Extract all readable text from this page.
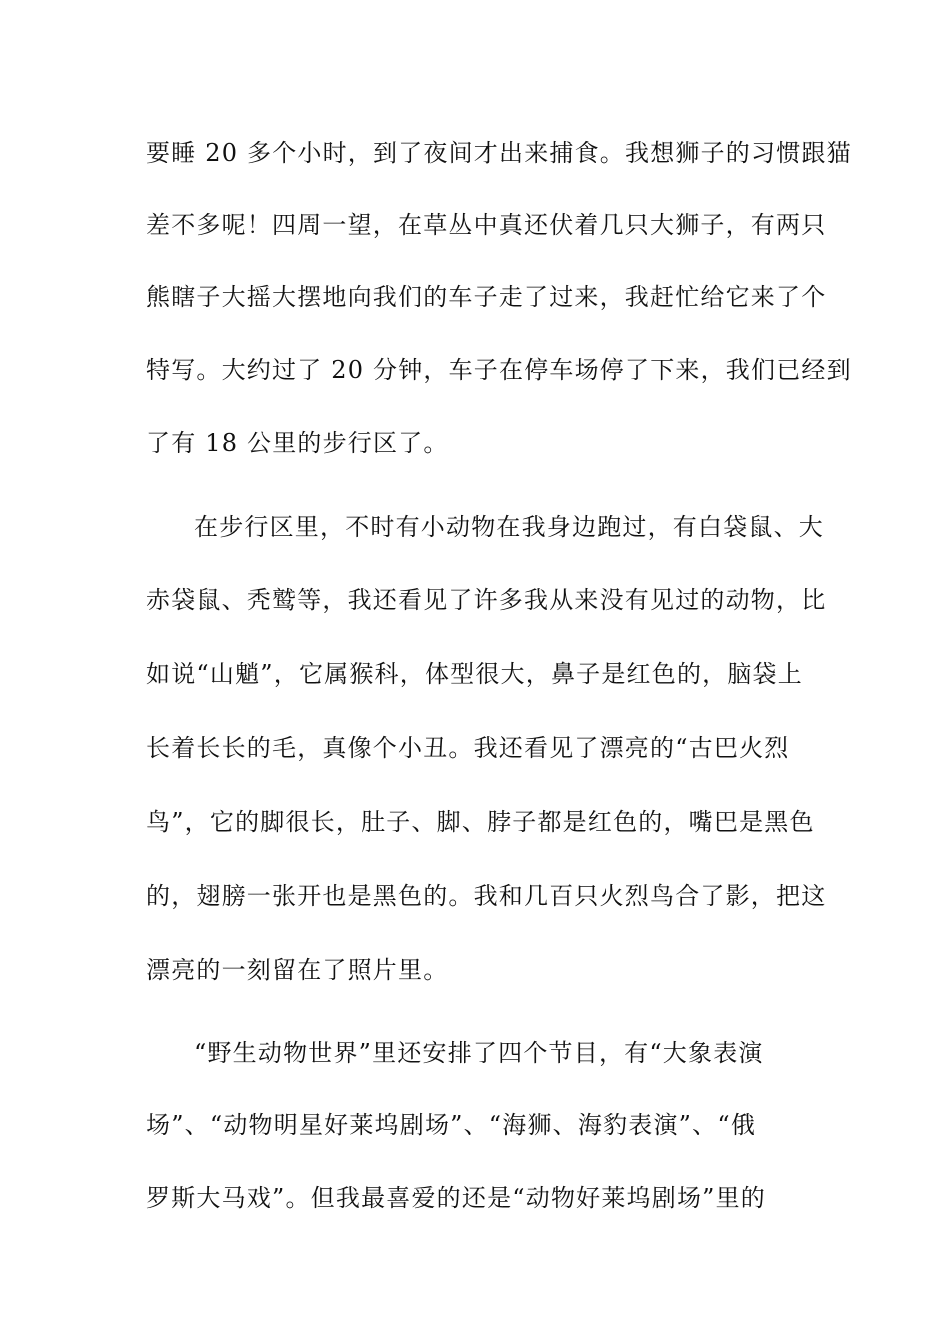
要睡 20 多个小时，到了夜间才出来捕食。我想狮子的习惯跟猫
差不多呢！四周一望，在草丛中真还伏着几只大狮子，有两只
熊瞎子大摇大摆地向我们的车子走了过来，我赶忙给它来了个
特写。大约过了 20 分钟，车子在停车场停了下来，我们已经到
了有 18 公里的步行区了。
在步行区里，不时有小动物在我身边跑过，有白袋鼠、大
赤袋鼠、秃鹫等，我还看见了许多我从来没有见过的动物，比
如说“山魈”，它属猴科，体型很大，鼻子是红色的，脑袋上
长着长长的毛，真像个小丑。我还看见了漂亮的“古巴火烈
鸟”，它的脚很长，肚子、脚、脖子都是红色的，嘴巴是黑色
的，翅膀一张开也是黑色的。我和几百只火烈鸟合了影，把这
漂亮的一刻留在了照片里。
“野生动物世界”里还安排了四个节目，有“大象表演
场”、“动物明星好莱坞剧场”、“海狮、海豹表演”、“俄
罗斯大马戏”。但我最喜爱的还是“动物好莱坞剧场”里的
